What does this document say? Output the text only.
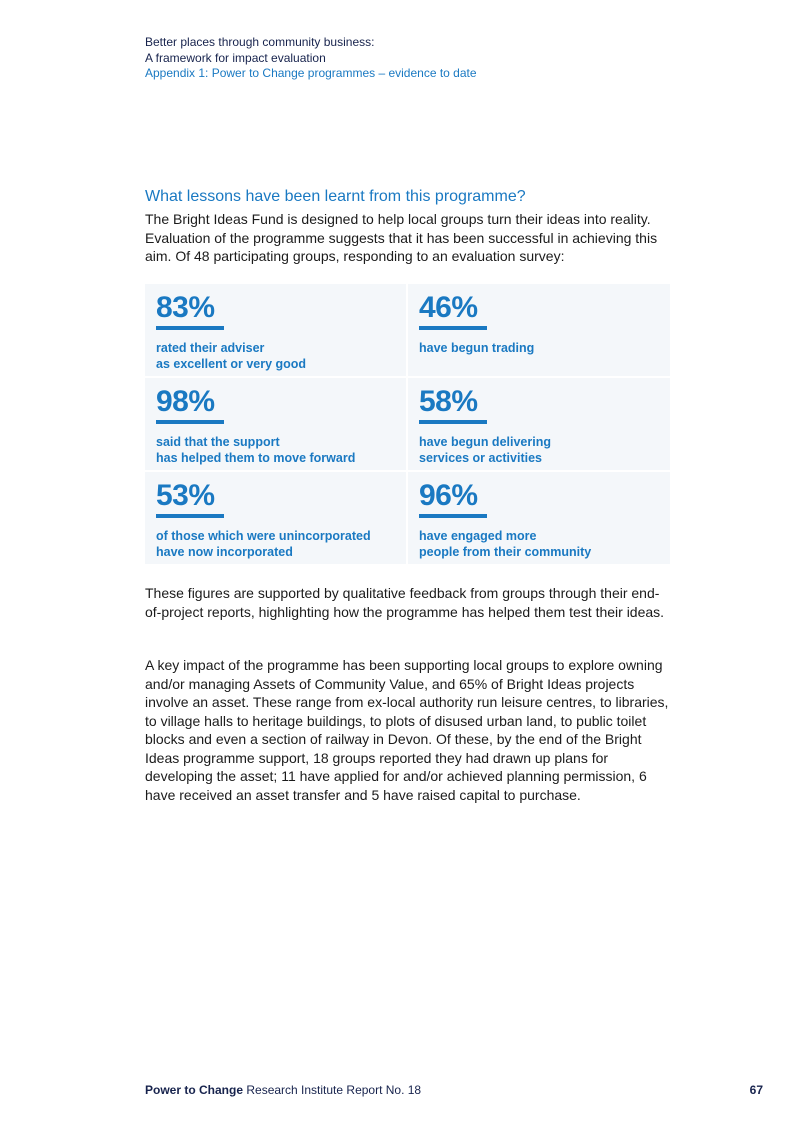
Better places through community business:
A framework for impact evaluation
Appendix 1: Power to Change programmes – evidence to date
What lessons have been learnt from this programme?

The Bright Ideas Fund is designed to help local groups turn their ideas into reality. Evaluation of the programme suggests that it has been successful in achieving this aim. Of 48 participating groups, responding to an evaluation survey:

83%
rated their adviser
as excellent or very good
46%
have begun trading
98%
said that the support
has helped them to move forward
58%
have begun delivering
services or activities
53%
of those which were unincorporated
have now incorporated
96%
have engaged more
people from their community

These figures are supported by qualitative feedback from groups through their end-of-project reports, highlighting how the programme has helped them test their ideas.

A key impact of the programme has been supporting local groups to explore owning and/or managing Assets of Community Value, and 65% of Bright Ideas projects involve an asset. These range from ex-local authority run leisure centres, to libraries, to village halls to heritage buildings, to plots of disused urban land, to public toilet blocks and even a section of railway in Devon. Of these, by the end of the Bright Ideas programme support, 18 groups reported they had drawn up plans for developing the asset; 11 have applied for and/or achieved planning permission, 6 have received an asset transfer and 5 have raised capital to purchase.

Power to Change Research Institute Report No. 18	67
